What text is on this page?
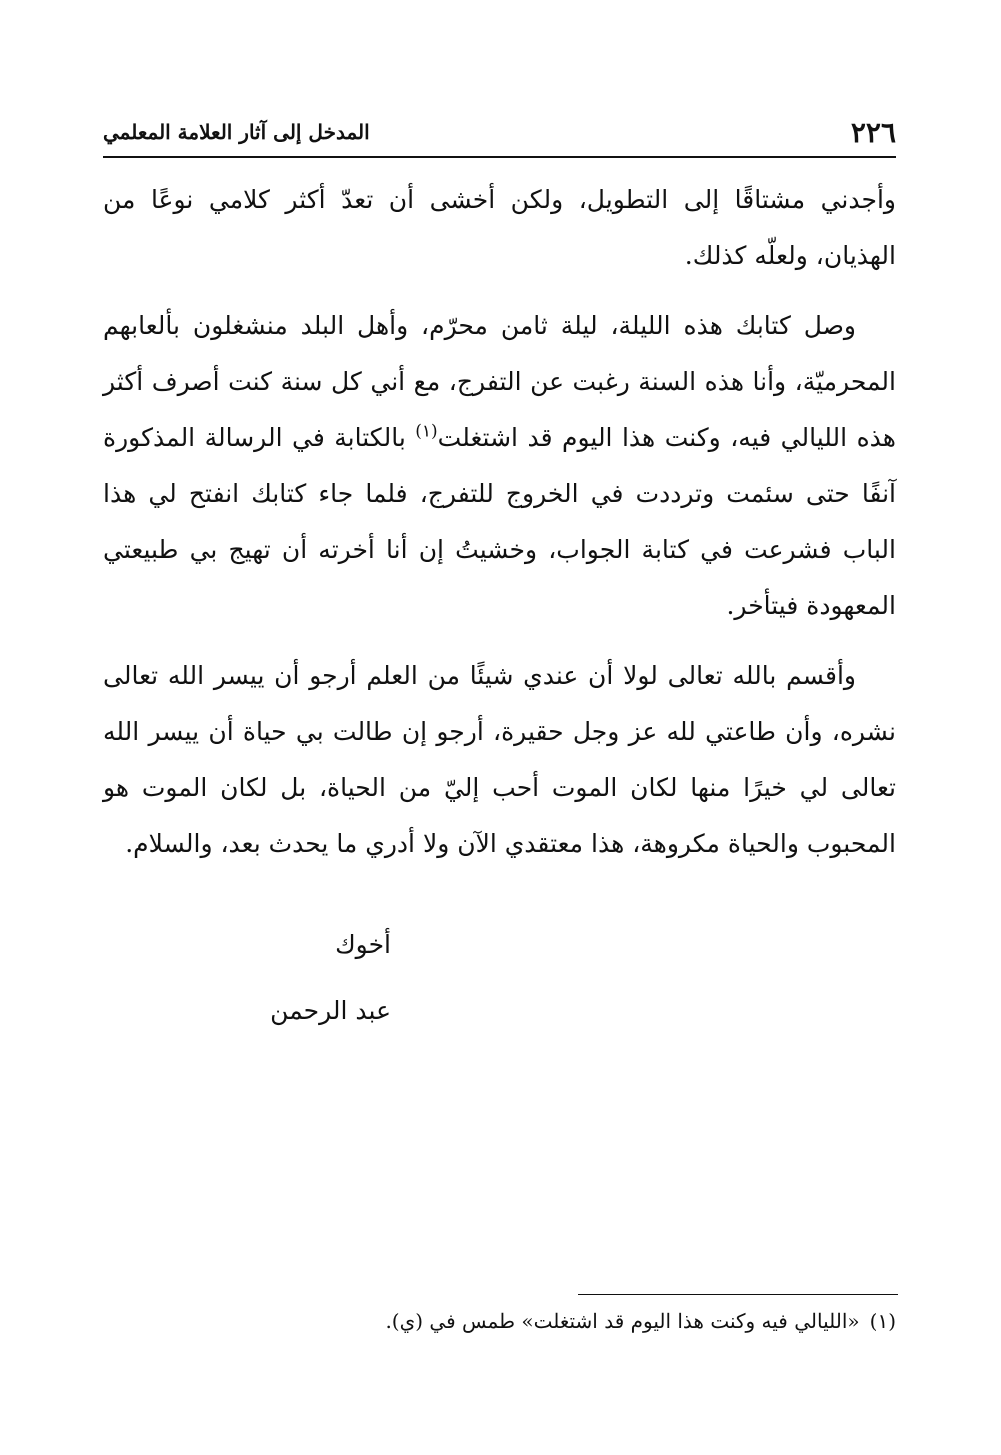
٢٢٦
المدخل إلى آثار العلامة المعلمي

وأجدني مشتاقًا إلى التطويل، ولكن أخشى أن تعدّ أكثر كلامي نوعًا من الهذيان، ولعلّه كذلك.

وصل كتابك هذه الليلة، ليلة ثامن محرّم، وأهل البلد منشغلون بألعابهم المحرميّة، وأنا هذه السنة رغبت عن التفرج، مع أني كل سنة كنت أصرف أكثر هذه الليالي فيه، وكنت هذا اليوم قد اشتغلت$^{(١)}$ بالكتابة في الرسالة المذكورة آنفًا حتى سئمت وترددت في الخروج للتفرج، فلما جاء كتابك انفتح لي هذا الباب فشرعت في كتابة الجواب، وخشيتُ إن أنا أخرته أن تهيج بي طبيعتي المعهودة فيتأخر.

وأقسم بالله تعالى لولا أن عندي شيئًا من العلم أرجو أن ييسر الله تعالى نشره، وأن طاعتي لله عز وجل حقيرة، أرجو إن طالت بي حياة أن ييسر الله تعالى لي خيرًا منها لكان الموت أحب إليّ من الحياة، بل لكان الموت هو المحبوب والحياة مكروهة، هذا معتقدي الآن ولا أدري ما يحدث بعد، والسلام.

أخوك
عبد الرحمن
(١)«الليالي فيه وكنت هذا اليوم قد اشتغلت» طمس في (ي).
